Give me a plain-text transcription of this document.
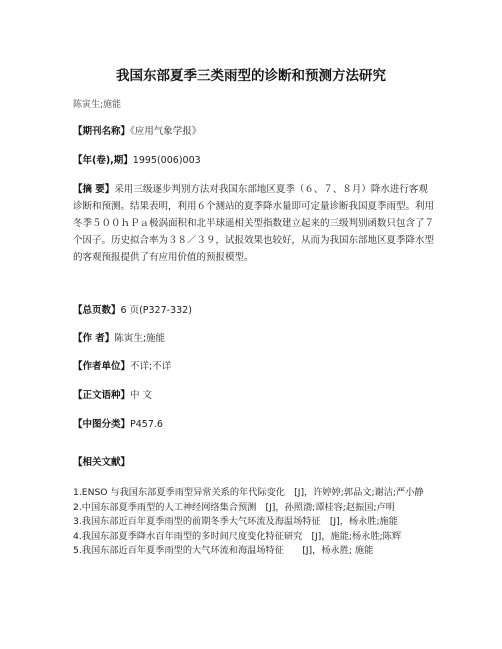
我国东部夏季三类雨型的诊断和预测方法研究
陈寅生;施能
【期刊名称】《应用气象学报》
【年(卷),期】1995(006)003
【摘 要】采用三级逐步判别方法对我国东部地区夏季（６、７、８月）降水进行客观诊断和预测。结果表明，利用６个测站的夏季降水量即可定量诊断我国夏季雨型。利用冬季５００ｈＰａ极涡面积和北半球遥相关型指数建立起来的三级判别函数只包含了７个因子。历史拟合率为３８／３９，试报效果也较好，从而为我国东部地区夏季降水型的客观预报提供了有应用价值的预报模型。
【总页数】6 页(P327-332)
【作 者】陈寅生;施能
【作者单位】不详;不详
【正文语种】中 文
【中图分类】P457.6
【相关文献】
1.ENSO 与我国东部夏季雨型异常关系的年代际变化　[J]，许婷婷;郭品文;谢洁;严小静
2.中国东部夏季雨型的人工神经网络集合预测　[J]，孙照渤;谭桂容;赵振国;卢明
3.我国东部近百年夏季雨型的前期冬季大气环流及海温场特征　[J]，杨永胜;施能
4.我国东部夏季降水百年雨型的多时间尺度变化特征研究　[J]，施能;杨永胜;陈辉
5.我国东部近百年夏季雨型的大气环流和海温场特征　　[J]，杨永胜; 施能
